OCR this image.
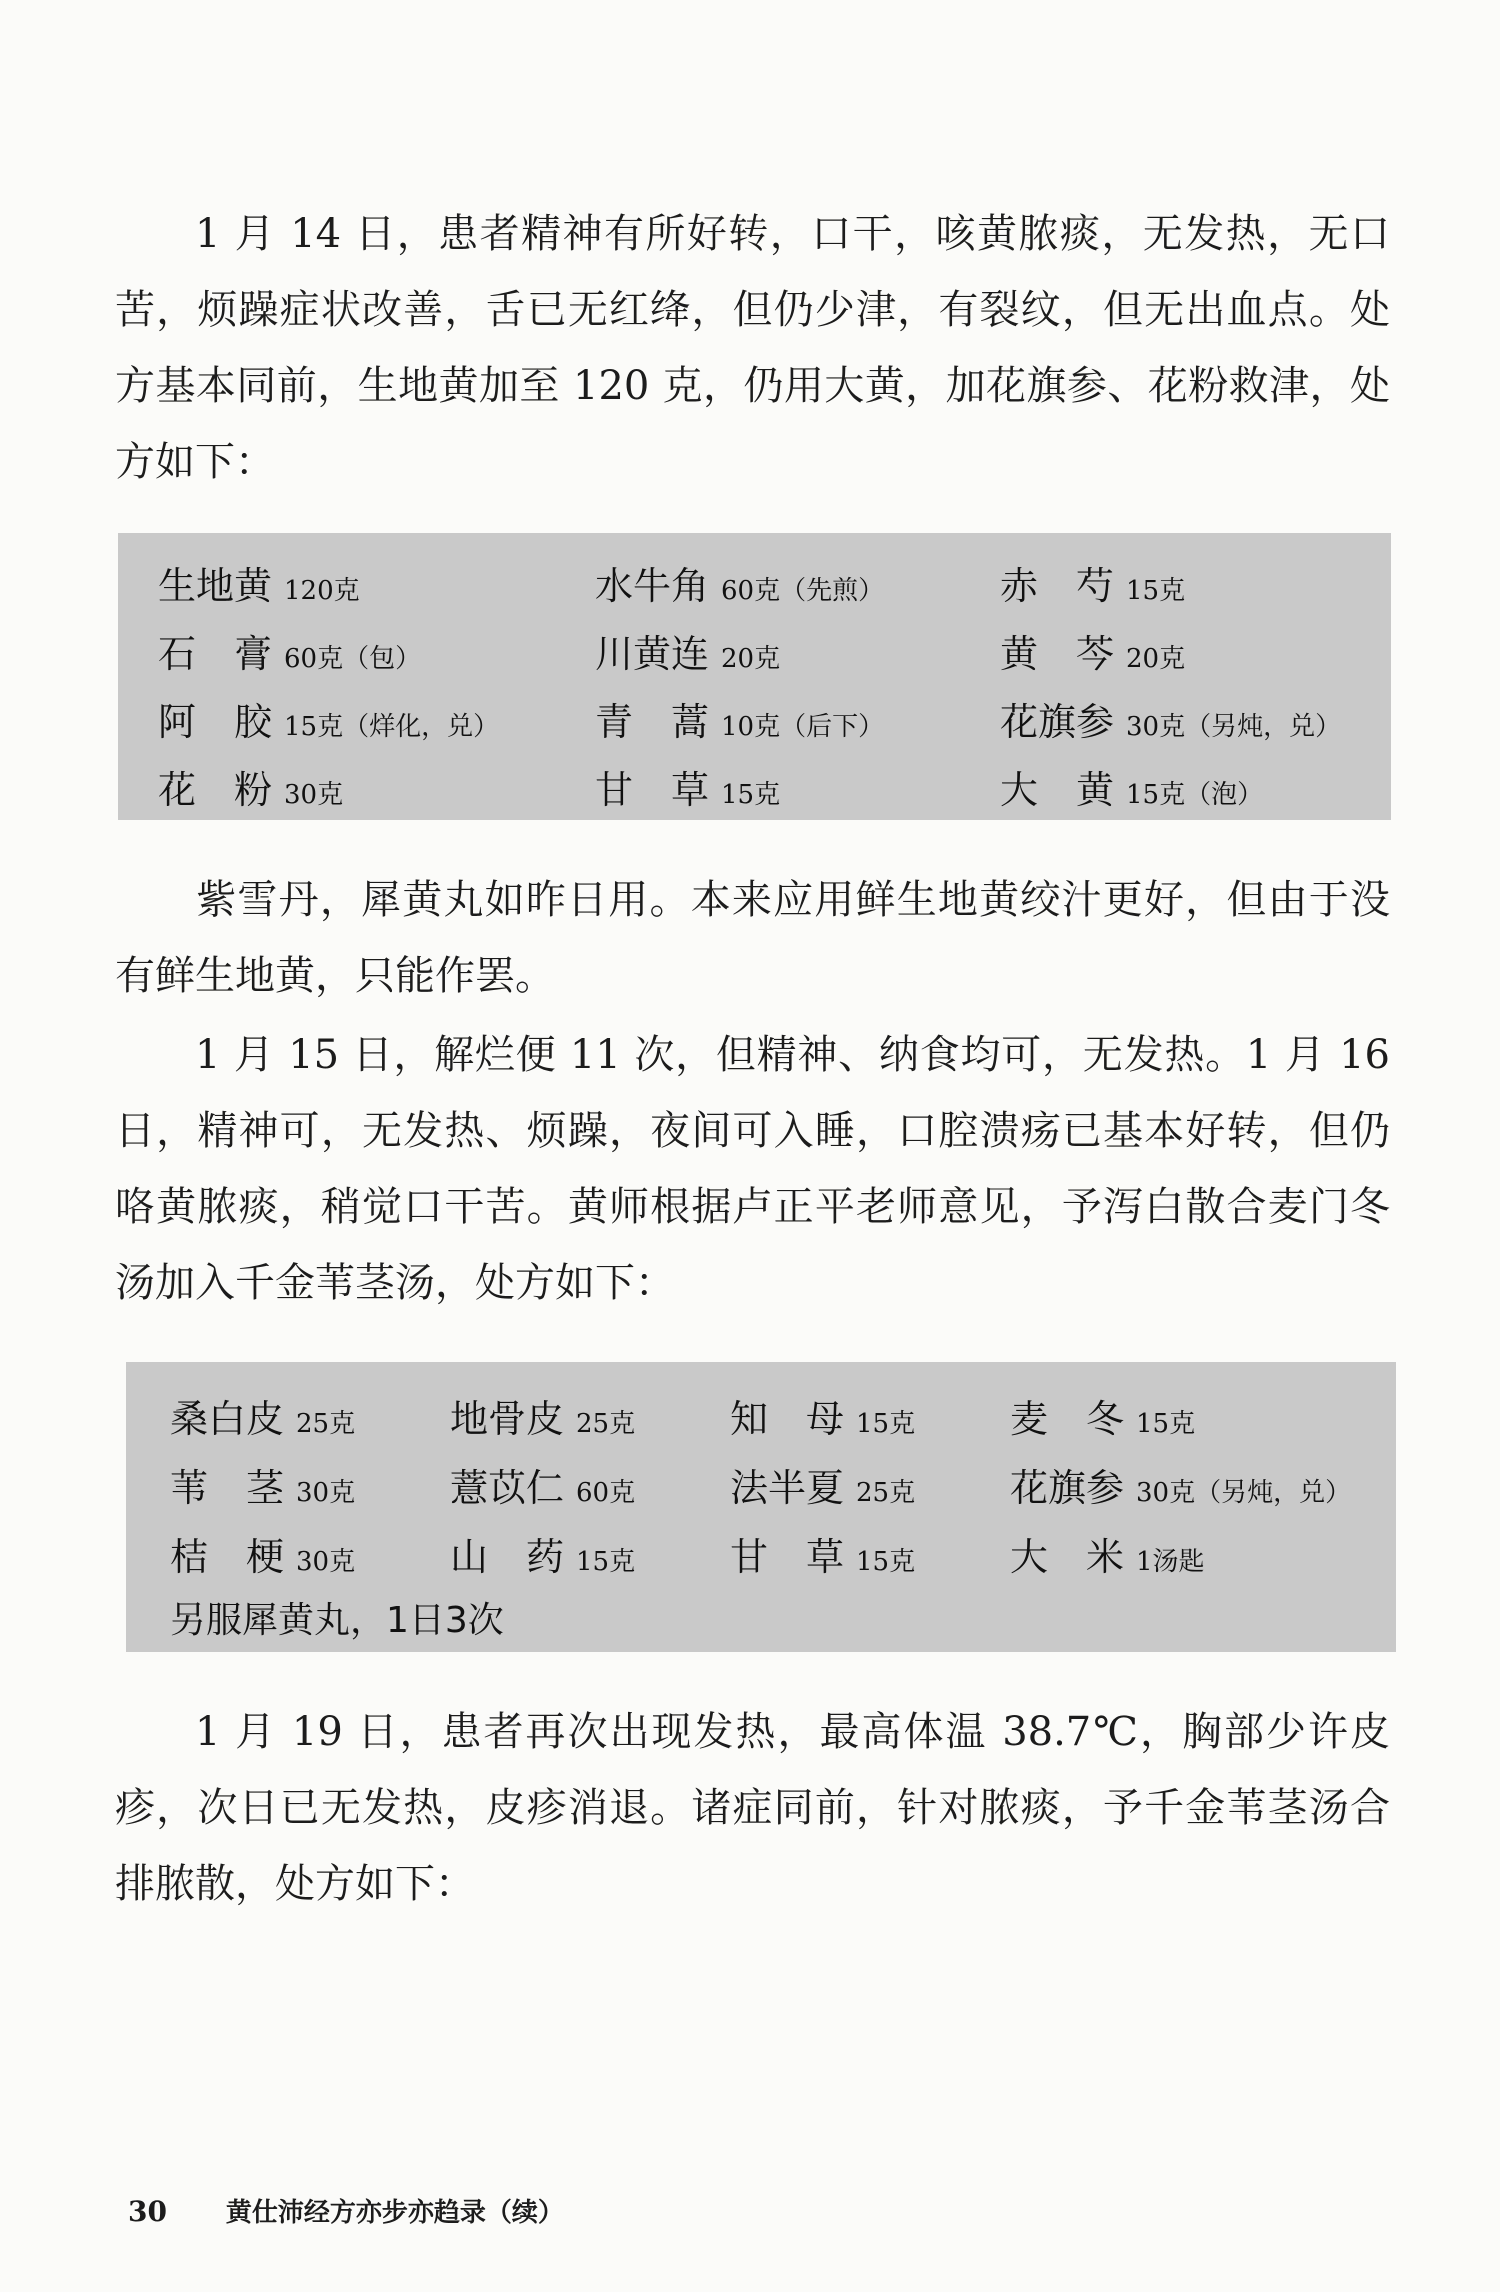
1 月 14 日，患者精神有所好转，口干，咳黄脓痰，无发热，无口苦，烦躁症状改善，舌已无红绛，但仍少津，有裂纹，但无出血点。处方基本同前，生地黄加至 120 克，仍用大黄，加花旗参、花粉救津，处方如下：

生地黄 120克	水牛角 60克（先煎）	赤芍 15克
石膏 60克（包）	川黄连 20克	黄芩 20克
阿胶 15克（烊化，兑）	青蒿 10克（后下）	花旗参 30克（另炖，兑）
花粉 30克	甘草 15克	大黄 15克（泡）

紫雪丹，犀黄丸如昨日用。本来应用鲜生地黄绞汁更好，但由于没有鲜生地黄，只能作罢。

1 月 15 日，解烂便 11 次，但精神、纳食均可，无发热。1 月 16 日，精神可，无发热、烦躁，夜间可入睡，口腔溃疡已基本好转，但仍咯黄脓痰，稍觉口干苦。黄师根据卢正平老师意见，予泻白散合麦门冬汤加入千金苇茎汤，处方如下：

桑白皮 25克 地骨皮 25克 知母 15克 麦冬 15克
苇茎 30克 薏苡仁 60克 法半夏 25克 花旗参 30克（另炖，兑）
桔梗 30克 山药 15克 甘草 15克 大米 1汤匙
另服犀黄丸，1日3次

1 月 19 日，患者再次出现发热，最高体温 38.7℃，胸部少许皮疹，次日已无发热，皮疹消退。诸症同前，针对脓痰，予千金苇茎汤合排脓散，处方如下：

30 黄仕沛经方亦步亦趋录（续）
